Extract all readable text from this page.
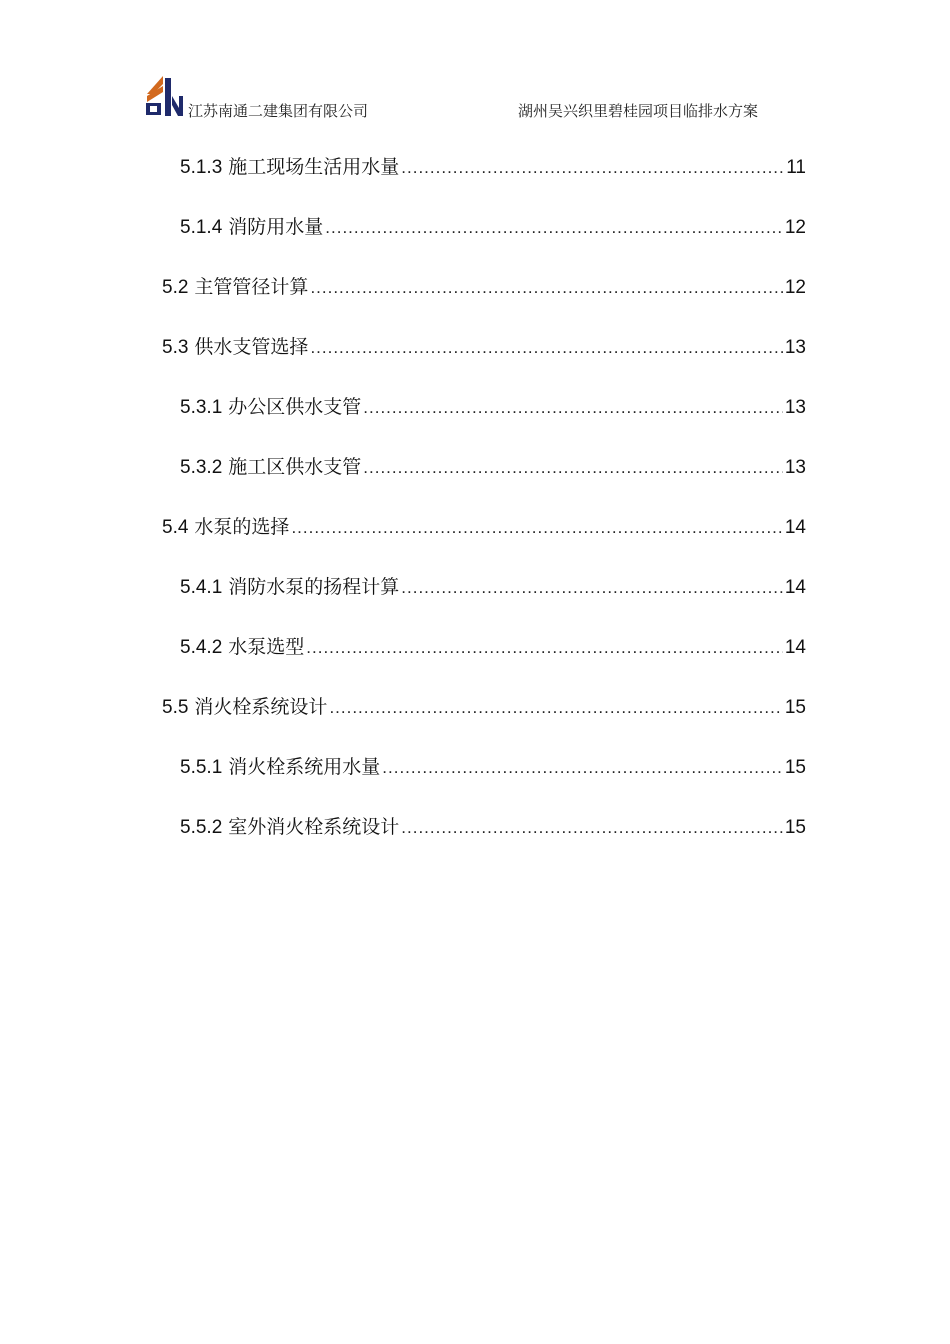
江苏南通二建集团有限公司	湖州吴兴织里碧桂园项目临排水方案
5.1.3 施工现场生活用水量 .....	11
5.1.4 消防用水量 .....	12
5.2 主管管径计算 .....	12
5.3 供水支管选择 .....	13
5.3.1 办公区供水支管 .....	13
5.3.2 施工区供水支管 .....	13
5.4 水泵的选择 .....	14
5.4.1 消防水泵的扬程计算 .....	14
5.4.2 水泵选型 .....	14
5.5 消火栓系统设计 .....	15
5.5.1 消火栓系统用水量 .....	15
5.5.2 室外消火栓系统设计 .....	15
